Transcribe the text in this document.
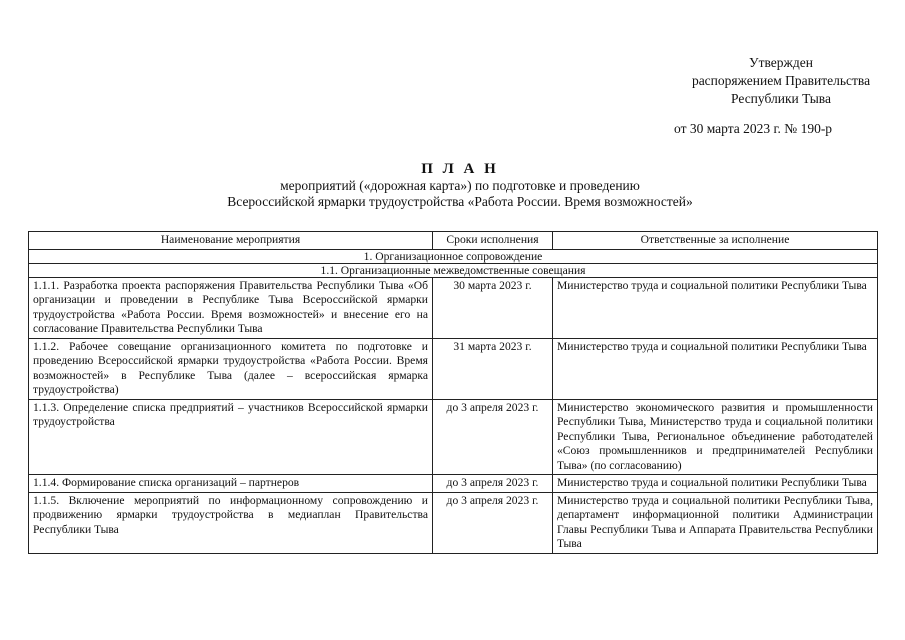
Утвержден
распоряжением Правительства
Республики Тыва
от 30 марта 2023 г. № 190-р
П Л А Н
мероприятий («дорожная карта») по подготовке и проведению
Всероссийской ярмарки трудоустройства «Работа России. Время возможностей»
Наименование мероприятия	Сроки исполнения	Ответственные за исполнение
1. Организационное сопровождение		
1.1. Организационные межведомственные совещания		
1.1.1. Разработка проекта распоряжения Правительства Республики Тыва «Об организации и проведении в Республике Тыва Всероссийской ярмарки трудоустройства «Работа России. Время возможностей» и внесение его на согласование Правительства Республики Тыва	30 марта 2023 г.	Министерство труда и социальной политики Республики Тыва
1.1.2. Рабочее совещание организационного комитета по подготовке и проведению Всероссийской ярмарки трудоустройства «Работа России. Время возможностей» в Республике Тыва (далее – всероссийская ярмарка трудоустройства)	31 марта 2023 г.	Министерство труда и социальной политики Республики Тыва
1.1.3. Определение списка предприятий – участников Всероссийской ярмарки трудоустройства	до 3 апреля 2023 г.	Министерство экономического развития и промышленности Республики Тыва, Министерство труда и социальной политики Республики Тыва, Региональное объединение работодателей «Союз промышленников и предпринимателей Республики Тыва» (по согласованию)
1.1.4. Формирование списка организаций – партнеров	до 3 апреля 2023 г.	Министерство труда и социальной политики Республики Тыва
1.1.5. Включение мероприятий по информационному сопровождению и продвижению ярмарки трудоустройства в медиаплан Правительства Республики Тыва	до 3 апреля 2023 г.	Министерство труда и социальной политики Республики Тыва, департамент информационной политики Администрации Главы Республики Тыва и Аппарата Правительства Республики Тыва
